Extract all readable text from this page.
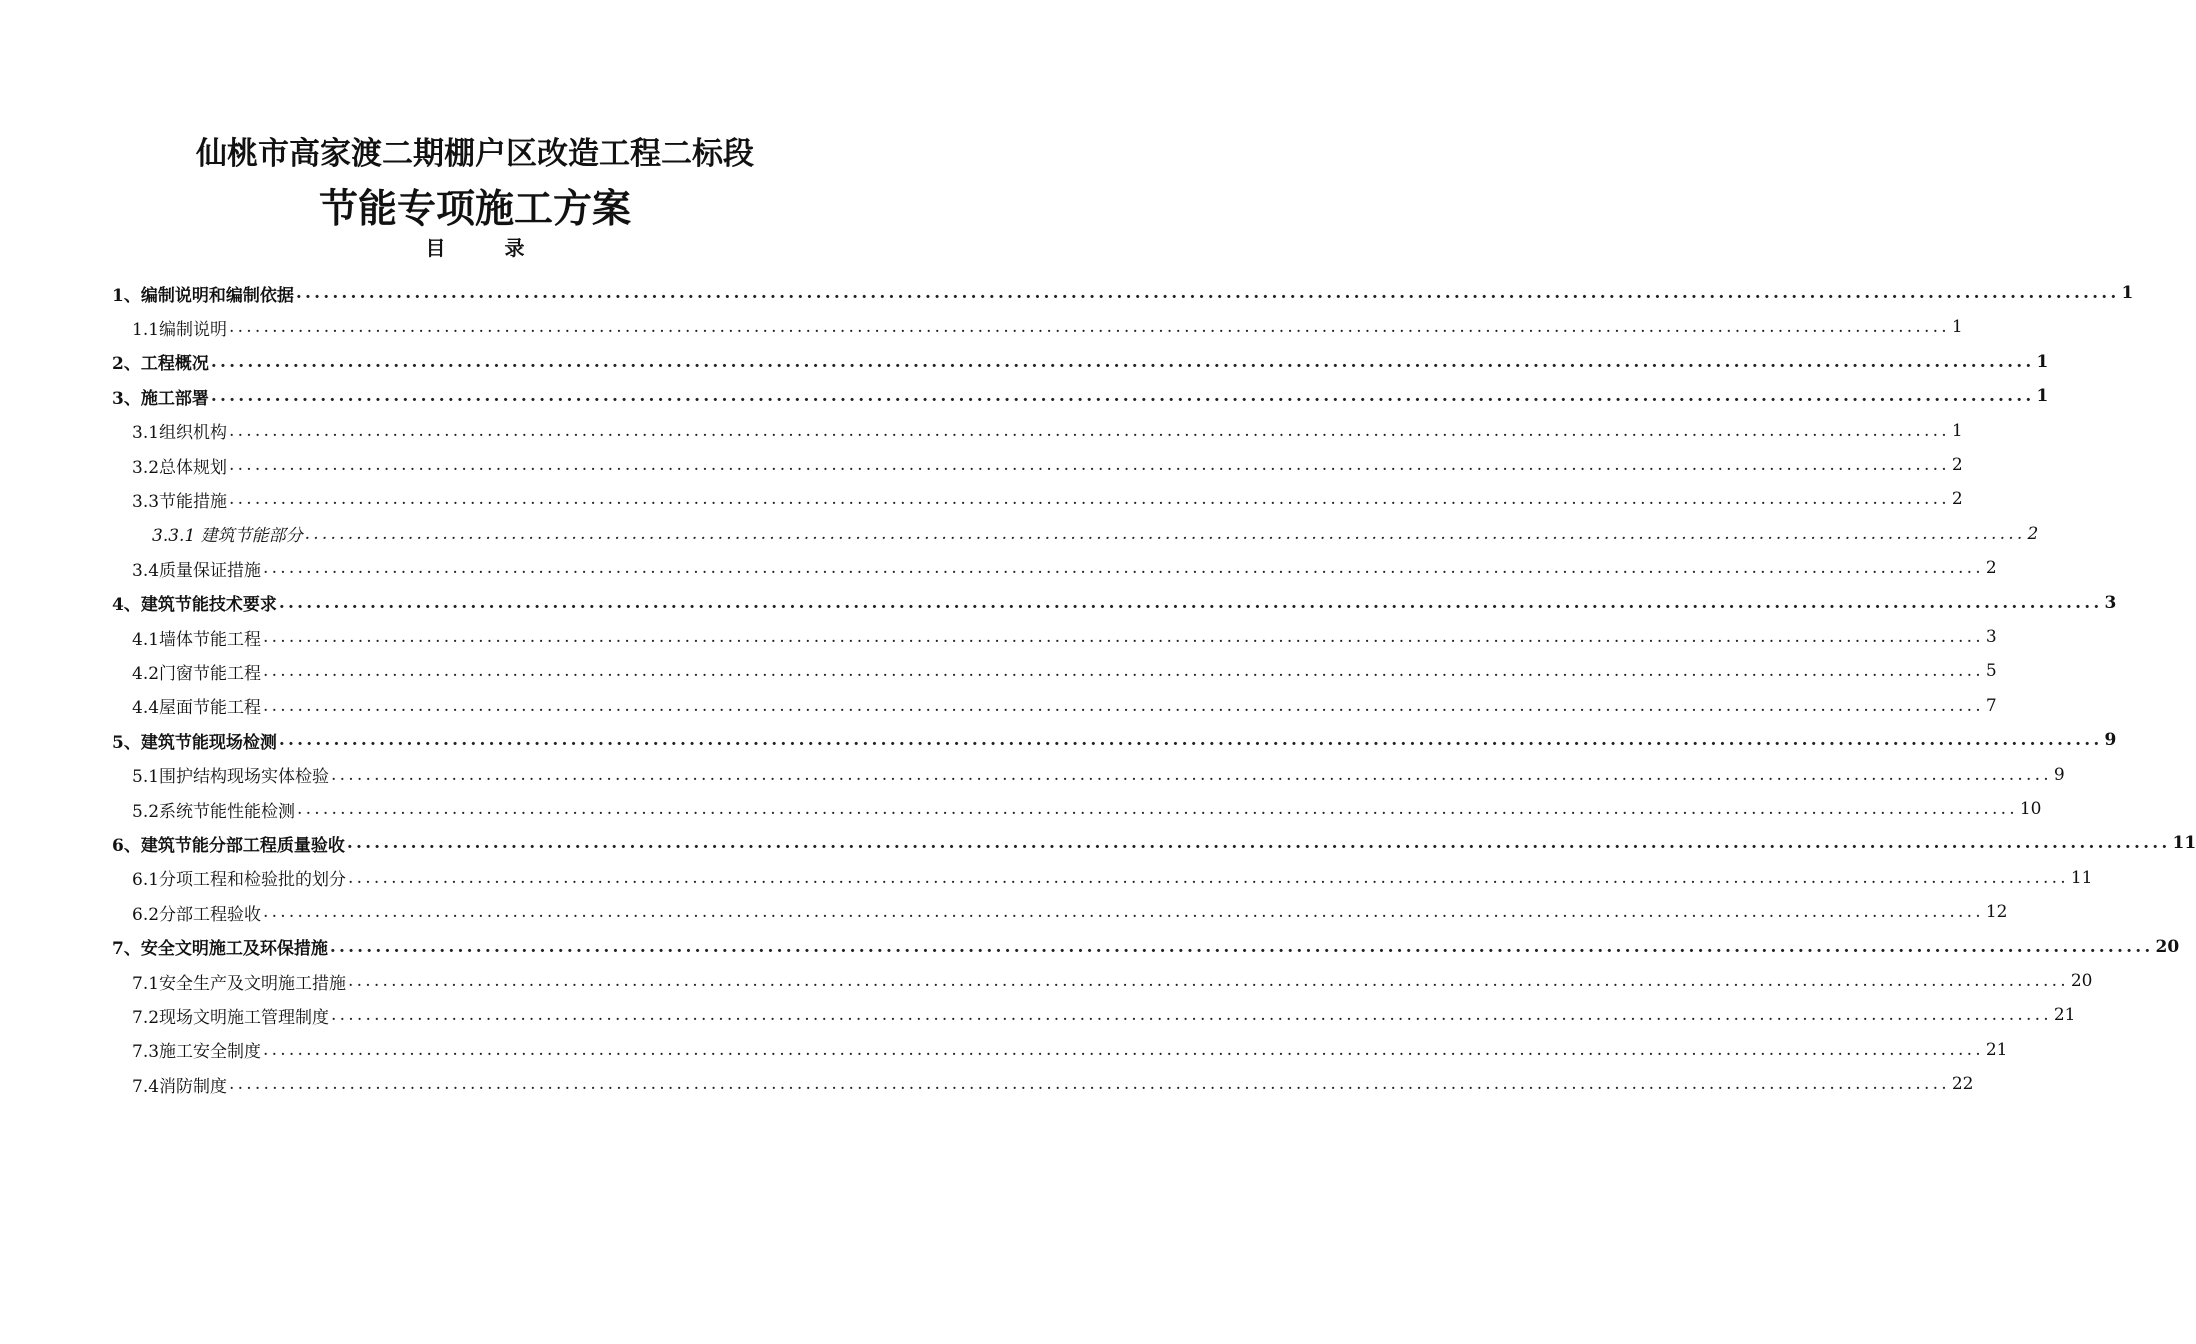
仙桃市高家渡二期棚户区改造工程二标段
节能专项施工方案
目 录
1、编制说明和编制依据 ........................................................................................................................................................................................................ 1
1.1编制说明 ........................................................................................................................................................................................................ 1
2、工程概况 ........................................................................................................................................................................................................ 1
3、施工部署 ........................................................................................................................................................................................................ 1
3.1组织机构 ........................................................................................................................................................................................................ 1
3.2总体规划 ........................................................................................................................................................................................................ 2
3.3节能措施 ........................................................................................................................................................................................................ 2
3.3.1 建筑节能部分 ........................................................................................................................................................................................................ 2
3.4质量保证措施 ........................................................................................................................................................................................................ 2
4、建筑节能技术要求 ........................................................................................................................................................................................................ 3
4.1墙体节能工程 ........................................................................................................................................................................................................ 3
4.2门窗节能工程 ........................................................................................................................................................................................................ 5
4.4屋面节能工程 ........................................................................................................................................................................................................ 7
5、建筑节能现场检测 ........................................................................................................................................................................................................ 9
5.1围护结构现场实体检验 ........................................................................................................................................................................................................ 9
5.2系统节能性能检测 ........................................................................................................................................................................................................ 10
6、建筑节能分部工程质量验收 ........................................................................................................................................................................................................ 11
6.1分项工程和检验批的划分 ........................................................................................................................................................................................................ 11
6.2分部工程验收 ........................................................................................................................................................................................................ 12
7、安全文明施工及环保措施 ........................................................................................................................................................................................................ 20
7.1安全生产及文明施工措施 ........................................................................................................................................................................................................ 20
7.2现场文明施工管理制度 ........................................................................................................................................................................................................ 21
7.3施工安全制度 ........................................................................................................................................................................................................ 21
7.4消防制度 ........................................................................................................................................................................................................ 22
